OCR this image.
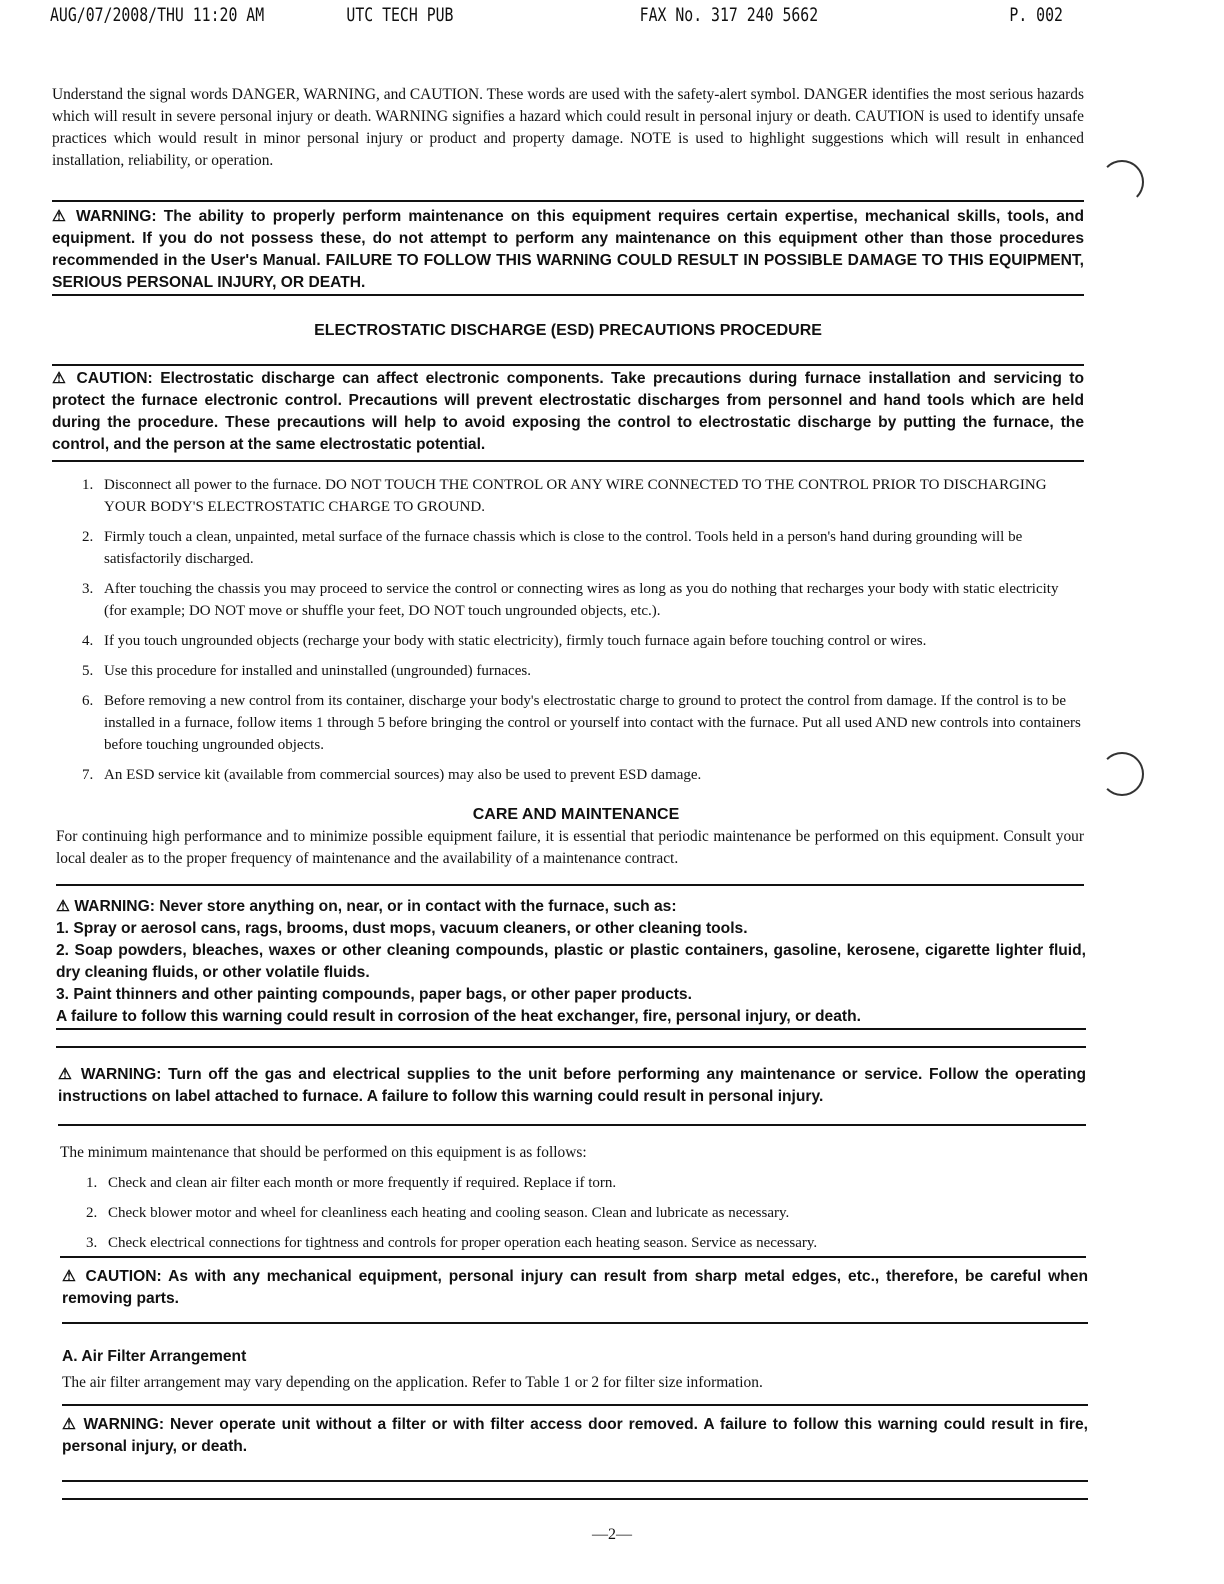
AUG/07/2008/THU 11:20 AM	UTC TECH PUB	FAX No. 317 240 5662	P. 002
Understand the signal words DANGER, WARNING, and CAUTION. These words are used with the safety-alert symbol. DANGER identifies the most serious hazards which will result in severe personal injury or death. WARNING signifies a hazard which could result in personal injury or death. CAUTION is used to identify unsafe practices which would result in minor personal injury or product and property damage. NOTE is used to highlight suggestions which will result in enhanced installation, reliability, or operation.
⚠ WARNING: The ability to properly perform maintenance on this equipment requires certain expertise, mechanical skills, tools, and equipment. If you do not possess these, do not attempt to perform any maintenance on this equipment other than those procedures recommended in the User's Manual. FAILURE TO FOLLOW THIS WARNING COULD RESULT IN POSSIBLE DAMAGE TO THIS EQUIPMENT, SERIOUS PERSONAL INJURY, OR DEATH.
ELECTROSTATIC DISCHARGE (ESD) PRECAUTIONS PROCEDURE
⚠ CAUTION: Electrostatic discharge can affect electronic components. Take precautions during furnace installation and servicing to protect the furnace electronic control. Precautions will prevent electrostatic discharges from personnel and hand tools which are held during the procedure. These precautions will help to avoid exposing the control to electrostatic discharge by putting the furnace, the control, and the person at the same electrostatic potential.
1. Disconnect all power to the furnace. DO NOT TOUCH THE CONTROL OR ANY WIRE CONNECTED TO THE CONTROL PRIOR TO DISCHARGING YOUR BODY'S ELECTROSTATIC CHARGE TO GROUND.
2. Firmly touch a clean, unpainted, metal surface of the furnace chassis which is close to the control. Tools held in a person's hand during grounding will be satisfactorily discharged.
3. After touching the chassis you may proceed to service the control or connecting wires as long as you do nothing that recharges your body with static electricity (for example; DO NOT move or shuffle your feet, DO NOT touch ungrounded objects, etc.).
4. If you touch ungrounded objects (recharge your body with static electricity), firmly touch furnace again before touching control or wires.
5. Use this procedure for installed and uninstalled (ungrounded) furnaces.
6. Before removing a new control from its container, discharge your body's electrostatic charge to ground to protect the control from damage. If the control is to be installed in a furnace, follow items 1 through 5 before bringing the control or yourself into contact with the furnace. Put all used AND new controls into containers before touching ungrounded objects.
7. An ESD service kit (available from commercial sources) may also be used to prevent ESD damage.
CARE AND MAINTENANCE
For continuing high performance and to minimize possible equipment failure, it is essential that periodic maintenance be performed on this equipment. Consult your local dealer as to the proper frequency of maintenance and the availability of a maintenance contract.
⚠ WARNING: Never store anything on, near, or in contact with the furnace, such as:
1. Spray or aerosol cans, rags, brooms, dust mops, vacuum cleaners, or other cleaning tools.
2. Soap powders, bleaches, waxes or other cleaning compounds, plastic or plastic containers, gasoline, kerosene, cigarette lighter fluid, dry cleaning fluids, or other volatile fluids.
3. Paint thinners and other painting compounds, paper bags, or other paper products.
A failure to follow this warning could result in corrosion of the heat exchanger, fire, personal injury, or death.
⚠ WARNING: Turn off the gas and electrical supplies to the unit before performing any maintenance or service. Follow the operating instructions on label attached to furnace. A failure to follow this warning could result in personal injury.
The minimum maintenance that should be performed on this equipment is as follows:
1. Check and clean air filter each month or more frequently if required. Replace if torn.
2. Check blower motor and wheel for cleanliness each heating and cooling season. Clean and lubricate as necessary.
3. Check electrical connections for tightness and controls for proper operation each heating season. Service as necessary.
⚠ CAUTION: As with any mechanical equipment, personal injury can result from sharp metal edges, etc., therefore, be careful when removing parts.
A. Air Filter Arrangement
The air filter arrangement may vary depending on the application. Refer to Table 1 or 2 for filter size information.
⚠ WARNING: Never operate unit without a filter or with filter access door removed. A failure to follow this warning could result in fire, personal injury, or death.
—2—
